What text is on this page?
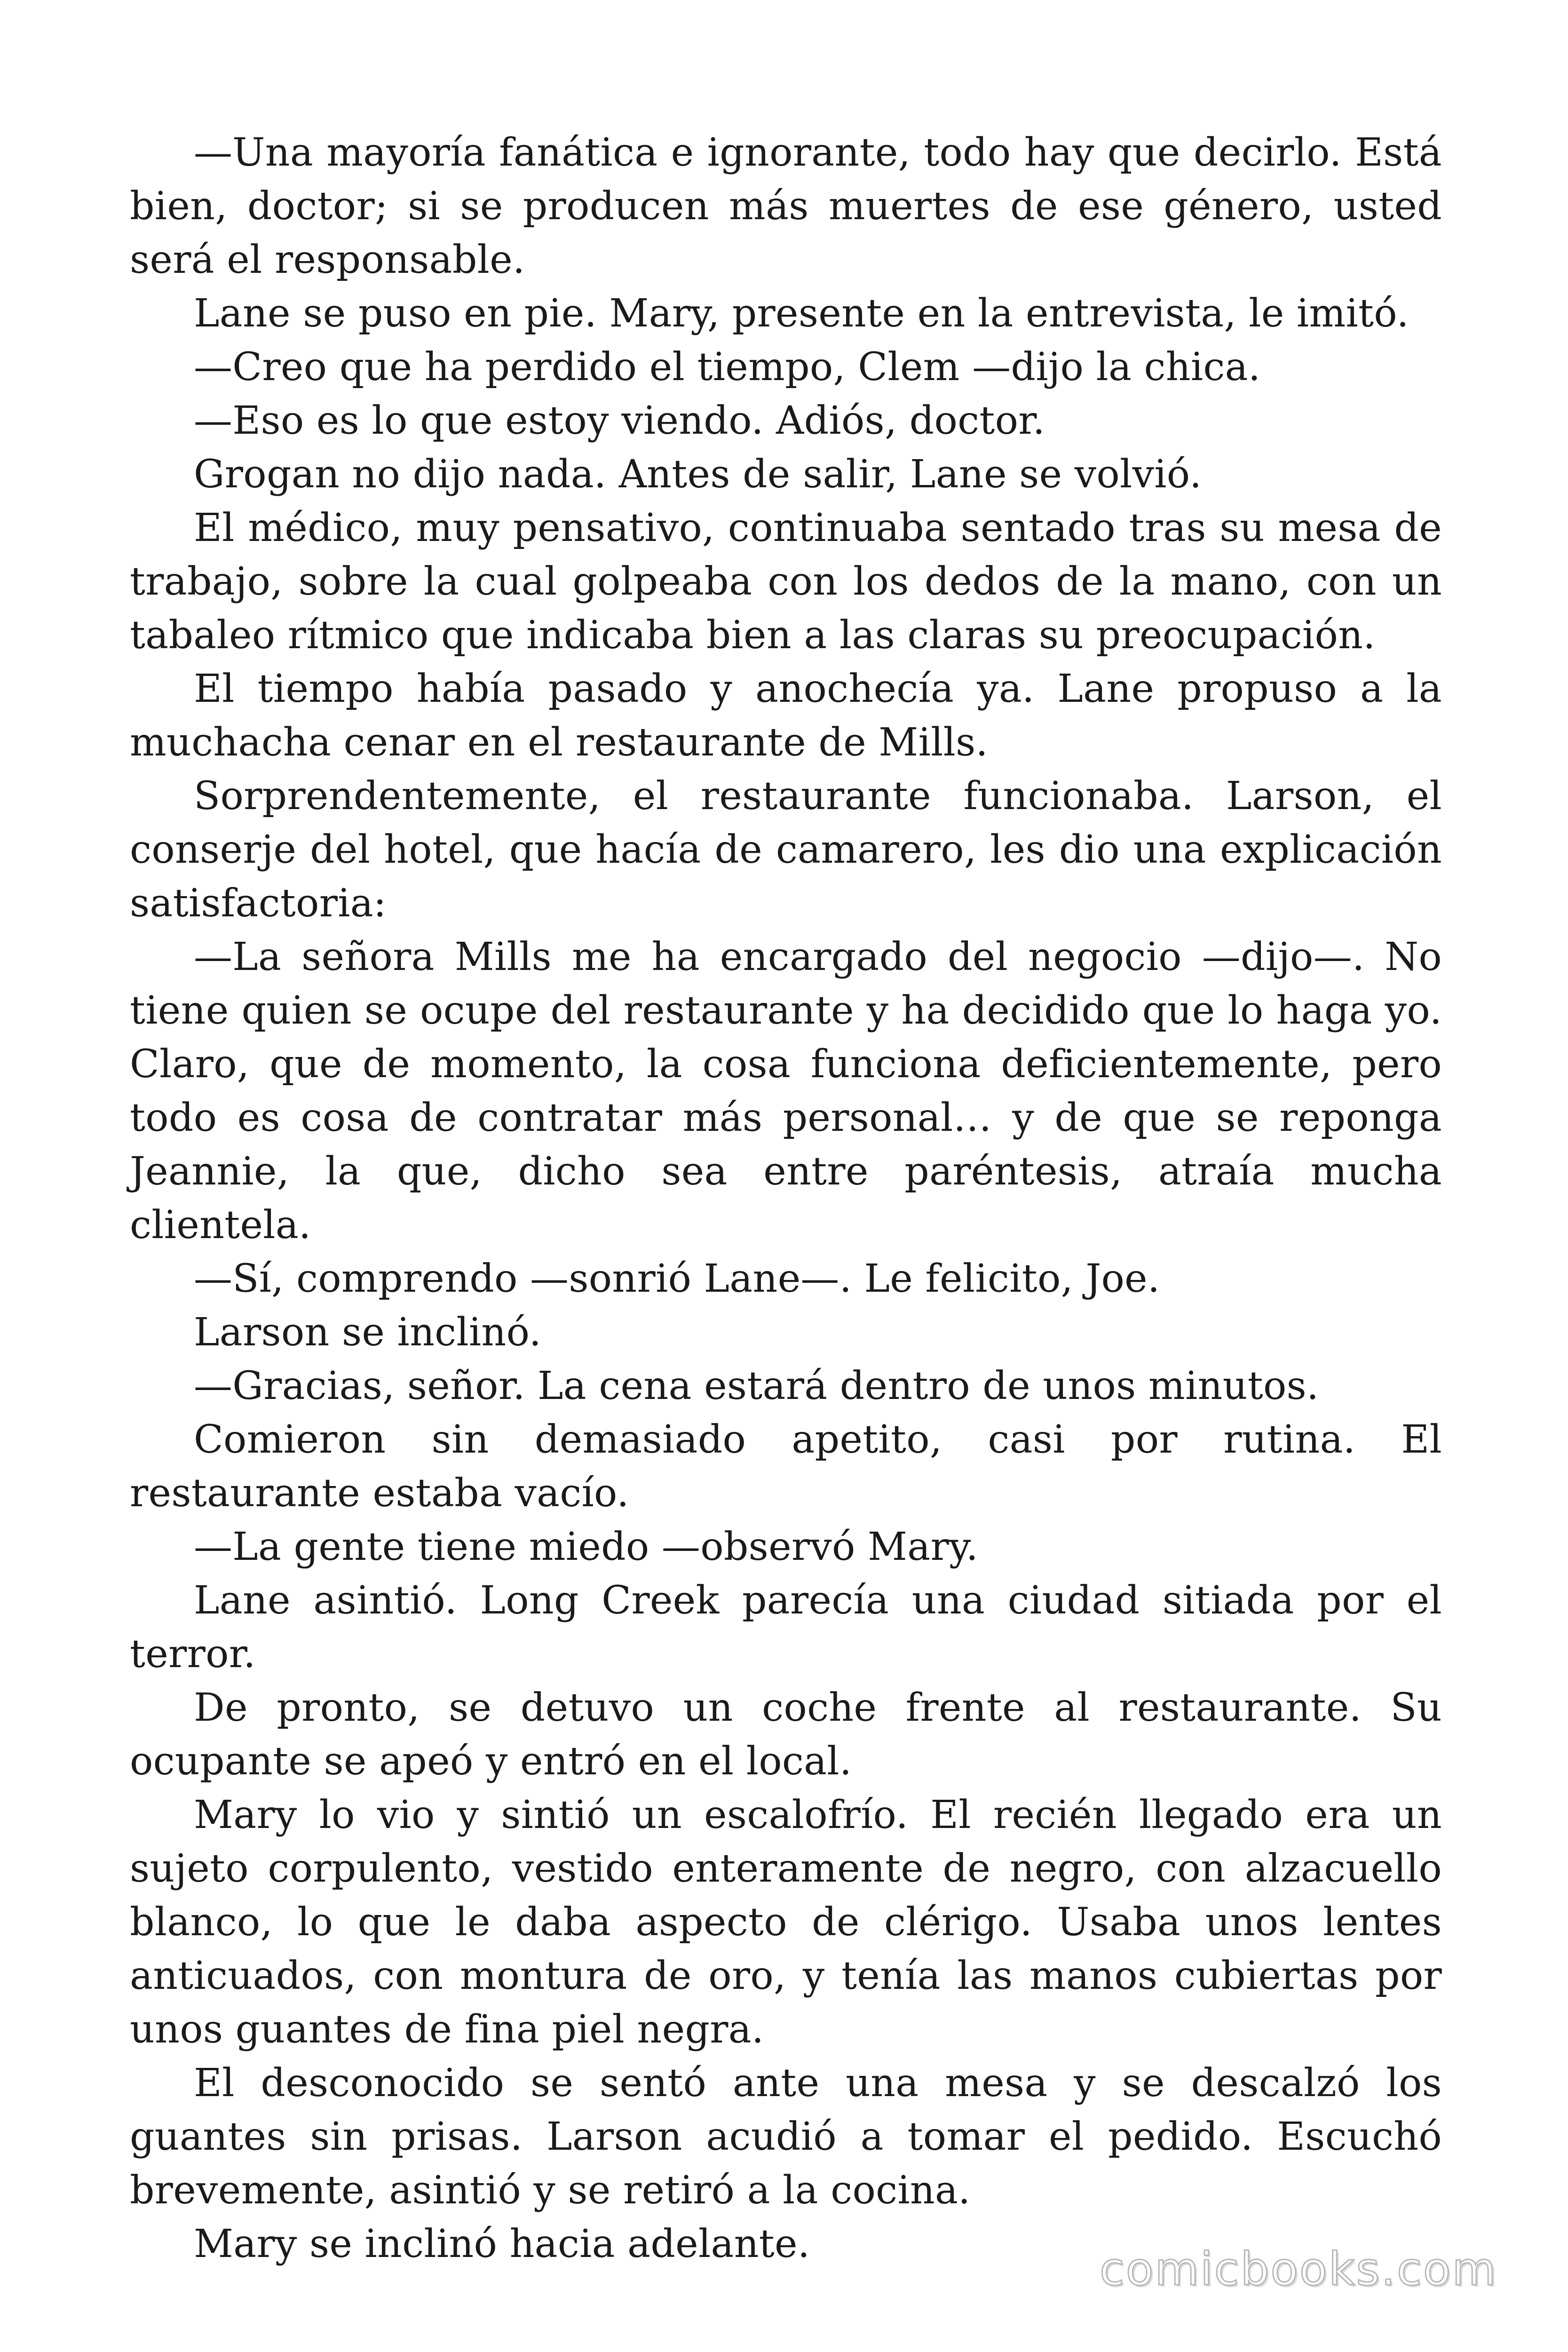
—Una mayoría fanática e ignorante, todo hay que decirlo. Está bien, doctor; si se producen más muertes de ese género, usted será el responsable.

Lane se puso en pie. Mary, presente en la entrevista, le imitó.

—Creo que ha perdido el tiempo, Clem —dijo la chica.

—Eso es lo que estoy viendo. Adiós, doctor.

Grogan no dijo nada. Antes de salir, Lane se volvió.

El médico, muy pensativo, continuaba sentado tras su mesa de trabajo, sobre la cual golpeaba con los dedos de la mano, con un tabaleo rítmico que indicaba bien a las claras su preocupación.

El tiempo había pasado y anochecía ya. Lane propuso a la muchacha cenar en el restaurante de Mills.

Sorprendentemente, el restaurante funcionaba. Larson, el conserje del hotel, que hacía de camarero, les dio una explicación satisfactoria:

—La señora Mills me ha encargado del negocio —dijo—. No tiene quien se ocupe del restaurante y ha decidido que lo haga yo. Claro, que de momento, la cosa funciona deficientemente, pero todo es cosa de contratar más personal… y de que se reponga Jeannie, la que, dicho sea entre paréntesis, atraía mucha clientela.

—Sí, comprendo —sonrió Lane—. Le felicito, Joe.

Larson se inclinó.

—Gracias, señor. La cena estará dentro de unos minutos.

Comieron sin demasiado apetito, casi por rutina. El restaurante estaba vacío.

—La gente tiene miedo —observó Mary.

Lane asintió. Long Creek parecía una ciudad sitiada por el terror.

De pronto, se detuvo un coche frente al restaurante. Su ocupante se apeó y entró en el local.

Mary lo vio y sintió un escalofrío. El recién llegado era un sujeto corpulento, vestido enteramente de negro, con alzacuello blanco, lo que le daba aspecto de clérigo. Usaba unos lentes anticuados, con montura de oro, y tenía las manos cubiertas por unos guantes de fina piel negra.

El desconocido se sentó ante una mesa y se descalzó los guantes sin prisas. Larson acudió a tomar el pedido. Escuchó brevemente, asintió y se retiró a la cocina.

Mary se inclinó hacia adelante.	comicbooks.com
